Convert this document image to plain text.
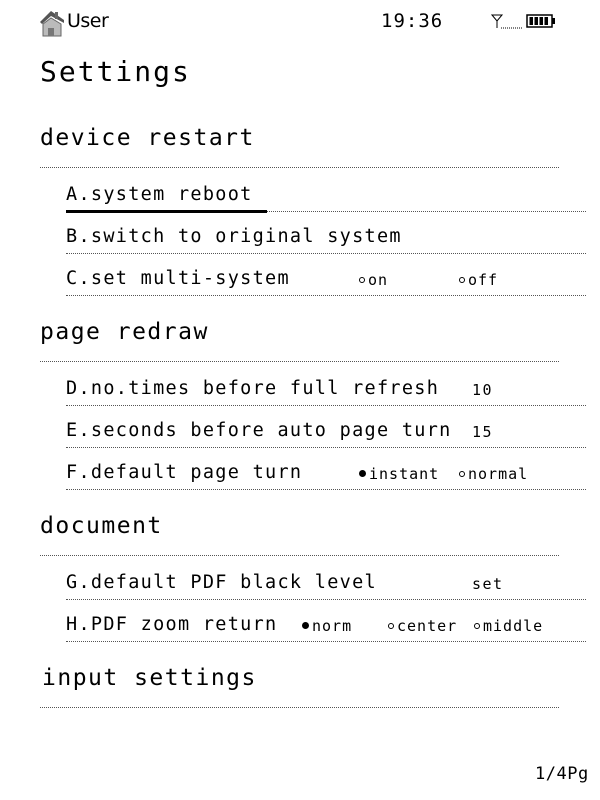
User	19:36
Settings
device restart
A.system reboot
B.switch to original system
C.set multi-system	on	off
page redraw
D.no.times before full refresh 10
E.seconds before auto page turn 15
F.default page turn	instant	normal
document
G.default PDF black level	set
H.PDF zoom return	norm	center	middle
input settings
1/4Pg
